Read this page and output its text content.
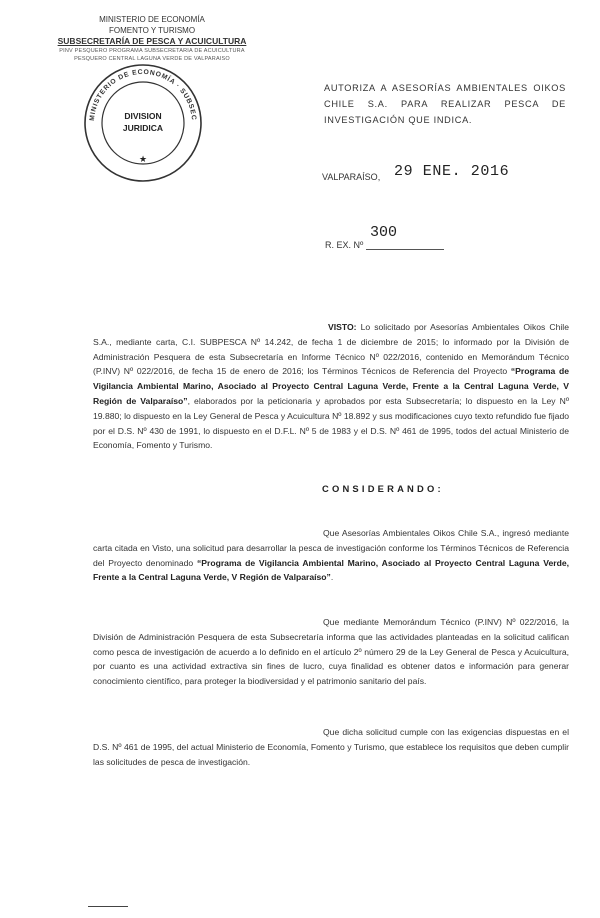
MINISTERIO DE ECONOMÍA
FOMENTO Y TURISMO
SUBSECRETARÍA DE PESCA Y ACUICULTURA
PINV PESQUERO PROGRAMA SUBSECRETARIA DE ACUICULTURA
PESQUERO CENTRAL LAGUNA VERDE DE VALPARAISO
MINISTERIO DE ECONOMÍA · SUBSEC
DIVISION
JURIDICA
★
AUTORIZA A ASESORÍAS AMBIENTALES OIKOS CHILE S.A. PARA REALIZAR PESCA DE INVESTIGACIÓN QUE INDICA.
VALPARAÍSO, 29 ENE. 2016
300
R. EX. Nº
VISTO: Lo solicitado por Asesorías Ambientales Oikos Chile S.A., mediante carta, C.I. SUBPESCA Nº 14.242, de fecha 1 de diciembre de 2015; lo informado por la División de Administración Pesquera de esta Subsecretaría en Informe Técnico Nº 022/2016, contenido en Memorándum Técnico (P.INV) Nº 022/2016, de fecha 15 de enero de 2016; los Términos Técnicos de Referencia del Proyecto “Programa de Vigilancia Ambiental Marino, Asociado al Proyecto Central Laguna Verde, Frente a la Central Laguna Verde, V Región de Valparaíso”, elaborados por la peticionaria y aprobados por esta Subsecretaría; lo dispuesto en la Ley Nº 19.880; lo dispuesto en la Ley General de Pesca y Acuicultura Nº 18.892 y sus modificaciones cuyo texto refundido fue fijado por el D.S. Nº 430 de 1991, lo dispuesto en el D.F.L. Nº 5 de 1983 y el D.S. Nº 461 de 1995, todos del actual Ministerio de Economía, Fomento y Turismo.
CONSIDERANDO:
Que Asesorías Ambientales Oikos Chile S.A., ingresó mediante carta citada en Visto, una solicitud para desarrollar la pesca de investigación conforme los Términos Técnicos de Referencia del Proyecto denominado “Programa de Vigilancia Ambiental Marino, Asociado al Proyecto Central Laguna Verde, Frente a la Central Laguna Verde, V Región de Valparaíso”.
Que mediante Memorándum Técnico (P.INV) Nº 022/2016, la División de Administración Pesquera de esta Subsecretaría informa que las actividades planteadas en la solicitud califican como pesca de investigación de acuerdo a lo definido en el artículo 2º número 29 de la Ley General de Pesca y Acuicultura, por cuanto es una actividad extractiva sin fines de lucro, cuya finalidad es obtener datos e información para generar conocimiento científico, para proteger la biodiversidad y el patrimonio sanitario del país.
Que dicha solicitud cumple con las exigencias dispuestas en el D.S. Nº 461 de 1995, del actual Ministerio de Economía, Fomento y Turismo, que establece los requisitos que deben cumplir las solicitudes de pesca de investigación.
